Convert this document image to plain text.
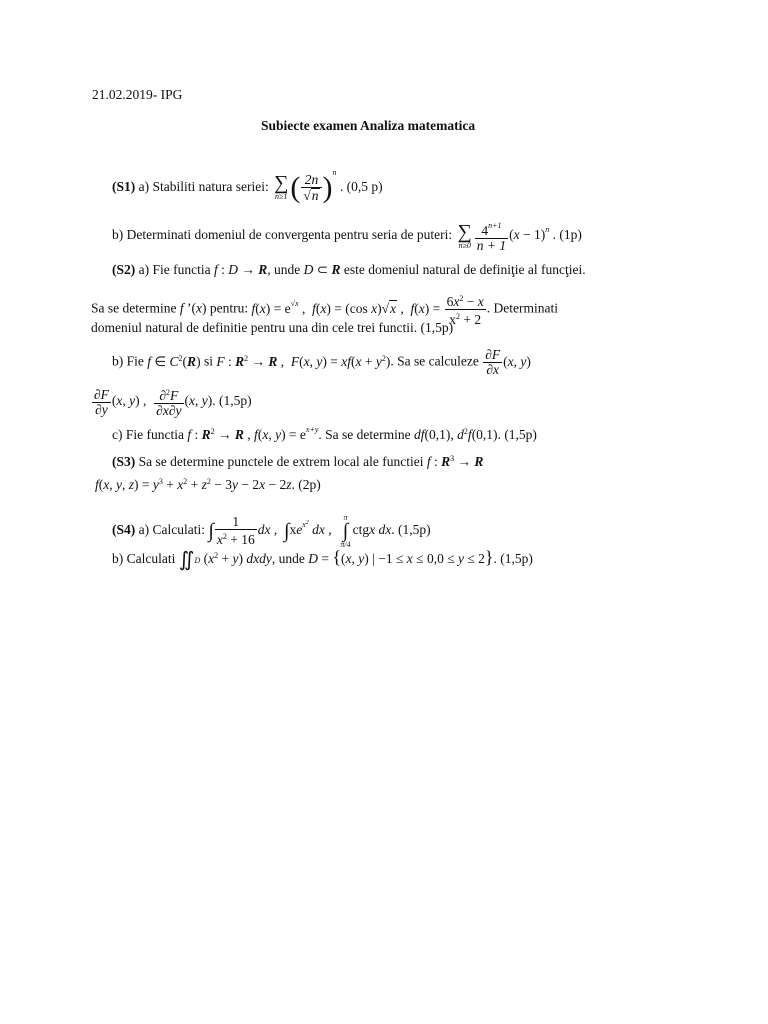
21.02.2019- IPG
Subiecte examen Analiza matematica
(S1) a) Stabiliti natura seriei: ∑
n≥1 ( $\frac{2n}{√n} )^n$ . (0,5 p)
b) Determinati domeniul de convergenta pentru seria de puteri: ∑
$n\ge 0 \frac{4^{n+1}}{n + 1} (x - 1)^n$ . (1p)
(S2) a) Fie functia f : D → R, unde D ⊂ R este domeniul natural de definiţie al funcţiei.
Sa se determine f ’(x) pentru: $f(x) = e^{√x}$ ,  f(x) = (cos x)√x ,  $f(x) = \frac{6x^2 - x}{x^2 + 2}$ . Determinati
domeniul natural de definitie pentru una din cele trei functii. (1,5p)
b) Fie f ∈ $C^2(R)$ si F : $R^2 \to R$ ,  F(x, $y) = xf(x + y^2)$. Sa se calculeze $\frac{\partial F}{\partial x} (x$, y)
$\frac{\partial F}{\partial y} (x$, y) , $\frac{\partial^2F}{\partial x\partial y} (x$, y). (1,5p)
c) Fie functia f : $R^2 \to R$ , f(x, $y) = e^{x+y}$. Sa se determine df(0,1), $d^2f(0,1)$. (1,5p)
(S3) Sa se determine punctele de extrem local ale functiei f : $R^3 \to R$
f(x, y, $z) = y^3 + x^2 + z^2 - 3y - 2x - 2z$. (2p)
(S4) a) Calculati: ∫ $\frac{1}{x^2 + 16}$ dx ,  $\int xe^{x^2}$ dx ,
π
∫
π/4
ctgx dx. (1,5p)
b) Calculati ∬D $(x^2 + y)$ dxdy, unde D = {(x, y) | −1 ≤ x ≤ 0,0 ≤ y ≤ 2}. (1,5p)
